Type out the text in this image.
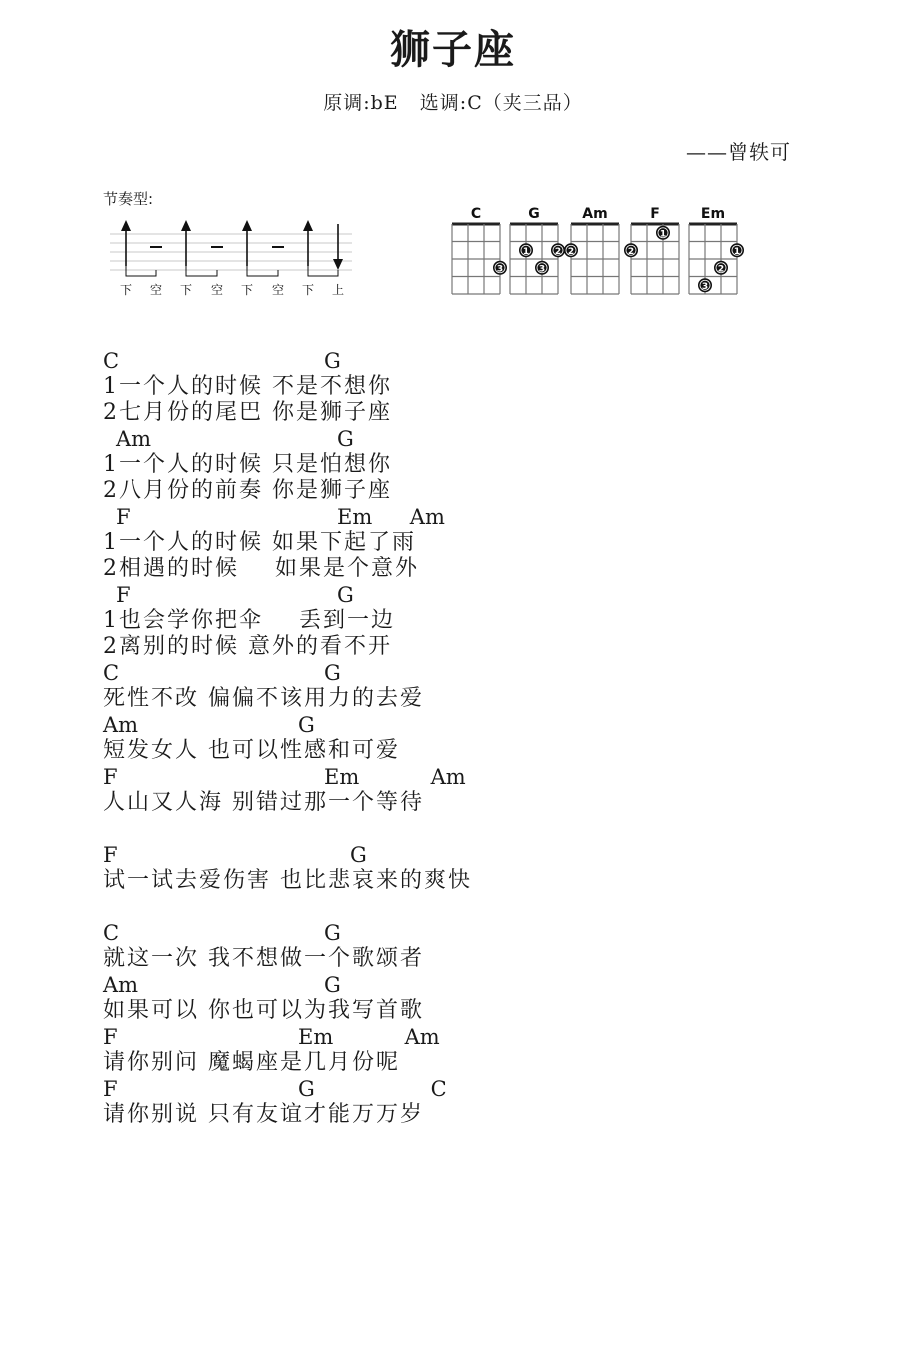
狮子座
原调:bE 选调:C（夹三品）
——曾轶可
节奏型:
下 空 下 空 下 空 下 上
C
3
G
1	2
3
Am
2
F
1
2
Em
1
2
3
C	G
1一个人的时候 不是不想你
2七月份的尾巴 你是狮子座
Am	G
1一个人的时候 只是怕想你
2八月份的前奏 你是狮子座
F	Em Am
1一个人的时候 如果下起了雨
2相遇的时候    如果是个意外
F	G
1也会学你把伞    丢到一边
2离别的时候 意外的看不开
C	G
死性不改 偏偏不该用力的去爱
Am	G
短发女人 也可以性感和可爱
F	Em	Am
人山又人海 别错过那一个等待
F	G
试一试去爱伤害 也比悲哀来的爽快
C	G
就这一次 我不想做一个歌颂者
Am	G
如果可以 你也可以为我写首歌
F	Em	Am
请你别问 魔蝎座是几月份呢
F	G	C
请你别说 只有友谊才能万万岁
